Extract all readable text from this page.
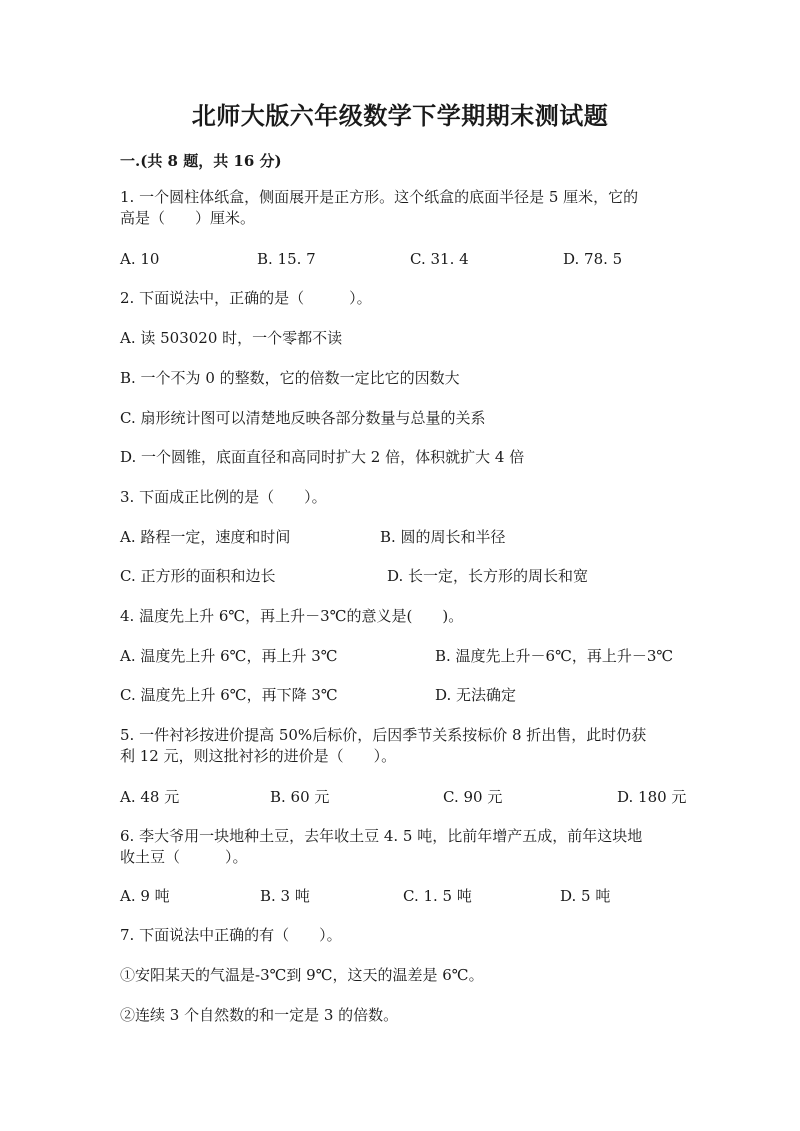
北师大版六年级数学下学期期末测试题
一.(共 8 题，共 16 分)
1. 一个圆柱体纸盒，侧面展开是正方形。这个纸盒的底面半径是 5 厘米，它的
高是（　　）厘米。
A. 10	B. 15. 7	C. 31. 4	D. 78. 5
2. 下面说法中，正确的是（　　　）。
A. 读 503020 时，一个零都不读
B. 一个不为 0 的整数，它的倍数一定比它的因数大
C. 扇形统计图可以清楚地反映各部分数量与总量的关系
D. 一个圆锥，底面直径和高同时扩大 2 倍，体积就扩大 4 倍
3. 下面成正比例的是（　　）。
A. 路程一定，速度和时间	B. 圆的周长和半径
C. 正方形的面积和边长	D. 长一定，长方形的周长和宽
4. 温度先上升 6℃，再上升－3℃的意义是(　　)。
A. 温度先上升 6℃，再上升 3℃	B. 温度先上升－6℃，再上升－3℃
C. 温度先上升 6℃，再下降 3℃	D. 无法确定
5. 一件衬衫按进价提高 50%后标价，后因季节关系按标价 8 折出售，此时仍获
利 12 元，则这批衬衫的进价是（　　）。
A. 48 元	B. 60 元	C. 90 元	D. 180 元
6. 李大爷用一块地种土豆，去年收土豆 4. 5 吨，比前年增产五成，前年这块地
收土豆（　　　）。
A. 9 吨	B. 3 吨	C. 1. 5 吨	D. 5 吨
7. 下面说法中正确的有（　　）。
①安阳某天的气温是-3℃到 9℃，这天的温差是 6℃。
②连续 3 个自然数的和一定是 3 的倍数。
